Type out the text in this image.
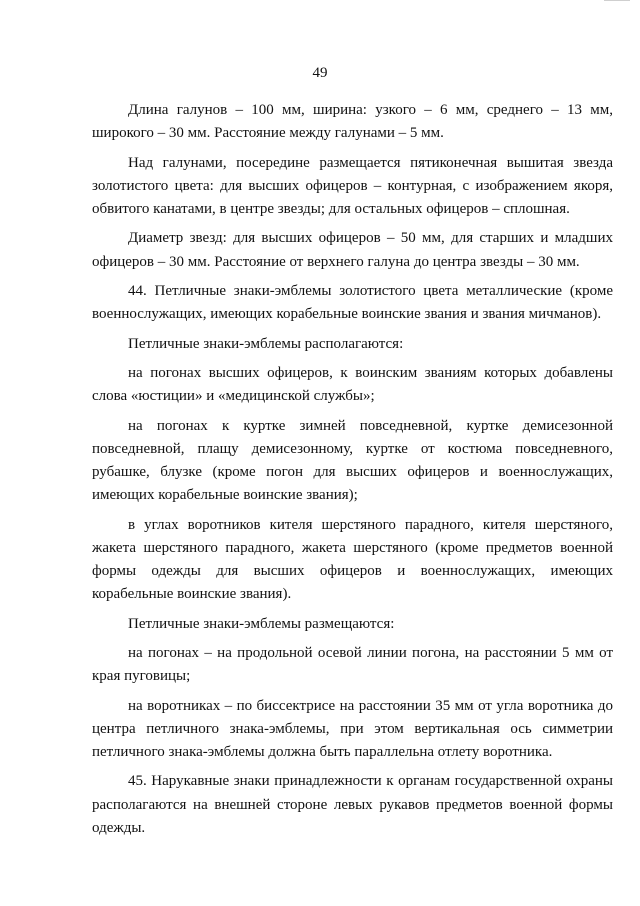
49

Длина галунов – 100 мм, ширина: узкого – 6 мм, среднего – 13 мм, широкого – 30 мм. Расстояние между галунами – 5 мм.

Над галунами, посередине размещается пятиконечная вышитая звезда золотистого цвета: для высших офицеров – контурная, с изображением якоря, обвитого канатами, в центре звезды; для остальных офицеров – сплошная.

Диаметр звезд: для высших офицеров – 50 мм, для старших и младших офицеров – 30 мм. Расстояние от верхнего галуна до центра звезды – 30 мм.

44. Петличные знаки-эмблемы золотистого цвета металлические (кроме военнослужащих, имеющих корабельные воинские звания и звания мичманов).

Петличные знаки-эмблемы располагаются:

на погонах высших офицеров, к воинским званиям которых добавлены слова «юстиции» и «медицинской службы»;

на погонах к куртке зимней повседневной, куртке демисезонной повседневной, плащу демисезонному, куртке от костюма повседневного, рубашке, блузке (кроме погон для высших офицеров и военнослужащих, имеющих корабельные воинские звания);

в углах воротников кителя шерстяного парадного, кителя шерстяного, жакета шерстяного парадного, жакета шерстяного (кроме предметов военной формы одежды для высших офицеров и военнослужащих, имеющих корабельные воинские звания).

Петличные знаки-эмблемы размещаются:

на погонах – на продольной осевой линии погона, на расстоянии 5 мм от края пуговицы;

на воротниках – по биссектрисе на расстоянии 35 мм от угла воротника до центра петличного знака-эмблемы, при этом вертикальная ось симметрии петличного знака-эмблемы должна быть параллельна отлету воротника.

45. Нарукавные знаки принадлежности к органам государственной охраны располагаются на внешней стороне левых рукавов предметов военной формы одежды.
